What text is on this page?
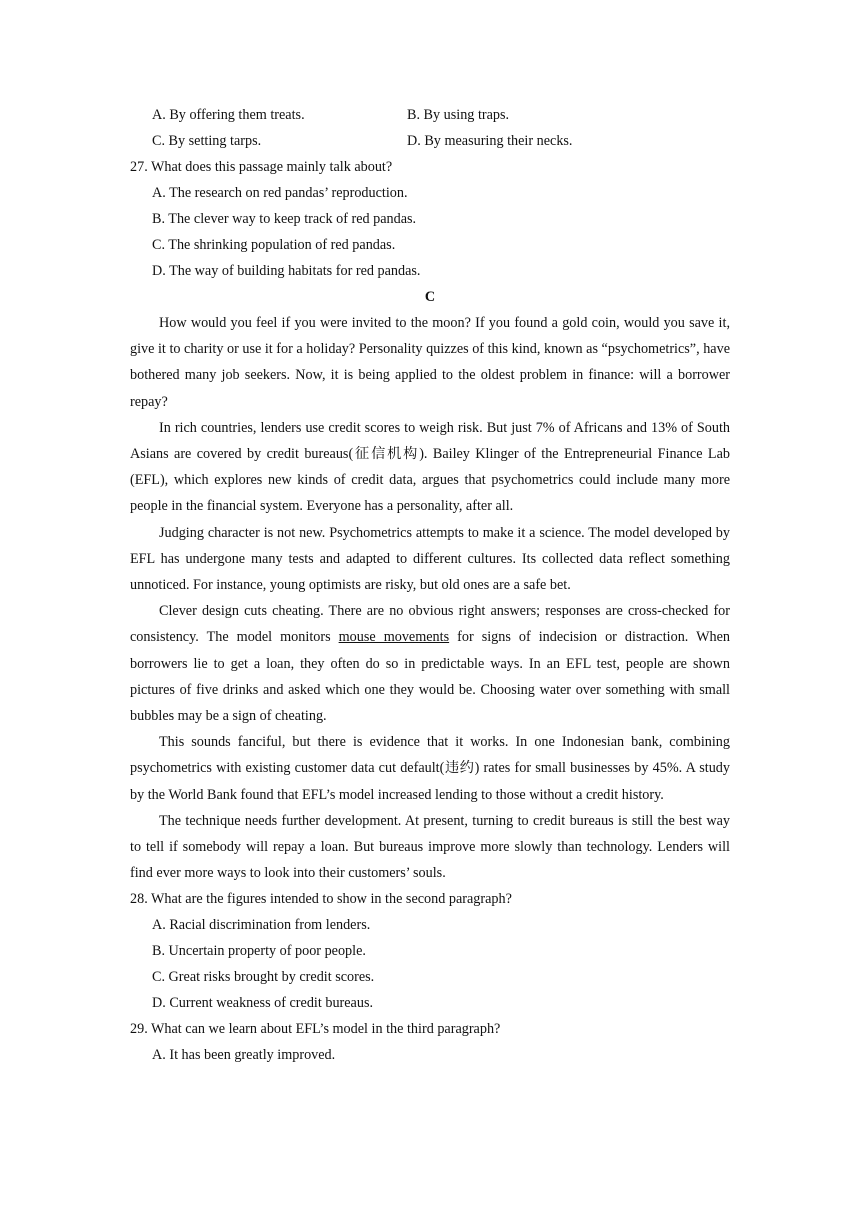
A. By offering them treats.	B. By using traps.
C. By setting tarps.	D. By measuring their necks.
27. What does this passage mainly talk about?
A. The research on red pandas’ reproduction.
B. The clever way to keep track of red pandas.
C. The shrinking population of red pandas.
D. The way of building habitats for red pandas.
C

How would you feel if you were invited to the moon? If you found a gold coin, would you save it, give it to charity or use it for a holiday? Personality quizzes of this kind, known as “psychometrics”, have bothered many job seekers. Now, it is being applied to the oldest problem in finance: will a borrower repay?

In rich countries, lenders use credit scores to weigh risk. But just 7% of Africans and 13% of South Asians are covered by credit bureaus(征信机构). Bailey Klinger of the Entrepreneurial Finance Lab (EFL), which explores new kinds of credit data, argues that psychometrics could include many more people in the financial system. Everyone has a personality, after all.

Judging character is not new. Psychometrics attempts to make it a science. The model developed by EFL has undergone many tests and adapted to different cultures. Its collected data reflect something unnoticed. For instance, young optimists are risky, but old ones are a safe bet.

Clever design cuts cheating. There are no obvious right answers; responses are cross-checked for consistency. The model monitors mouse movements for signs of indecision or distraction. When borrowers lie to get a loan, they often do so in predictable ways. In an EFL test, people are shown pictures of five drinks and asked which one they would be. Choosing water over something with small bubbles may be a sign of cheating.

This sounds fanciful, but there is evidence that it works. In one Indonesian bank, combining psychometrics with existing customer data cut default(违约) rates for small businesses by 45%. A study by the World Bank found that EFL’s model increased lending to those without a credit history.

The technique needs further development. At present, turning to credit bureaus is still the best way to tell if somebody will repay a loan. But bureaus improve more slowly than technology. Lenders will find ever more ways to look into their customers’ souls.

28. What are the figures intended to show in the second paragraph?
A. Racial discrimination from lenders.
B. Uncertain property of poor people.
C. Great risks brought by credit scores.
D. Current weakness of credit bureaus.
29. What can we learn about EFL’s model in the third paragraph?
A. It has been greatly improved.
